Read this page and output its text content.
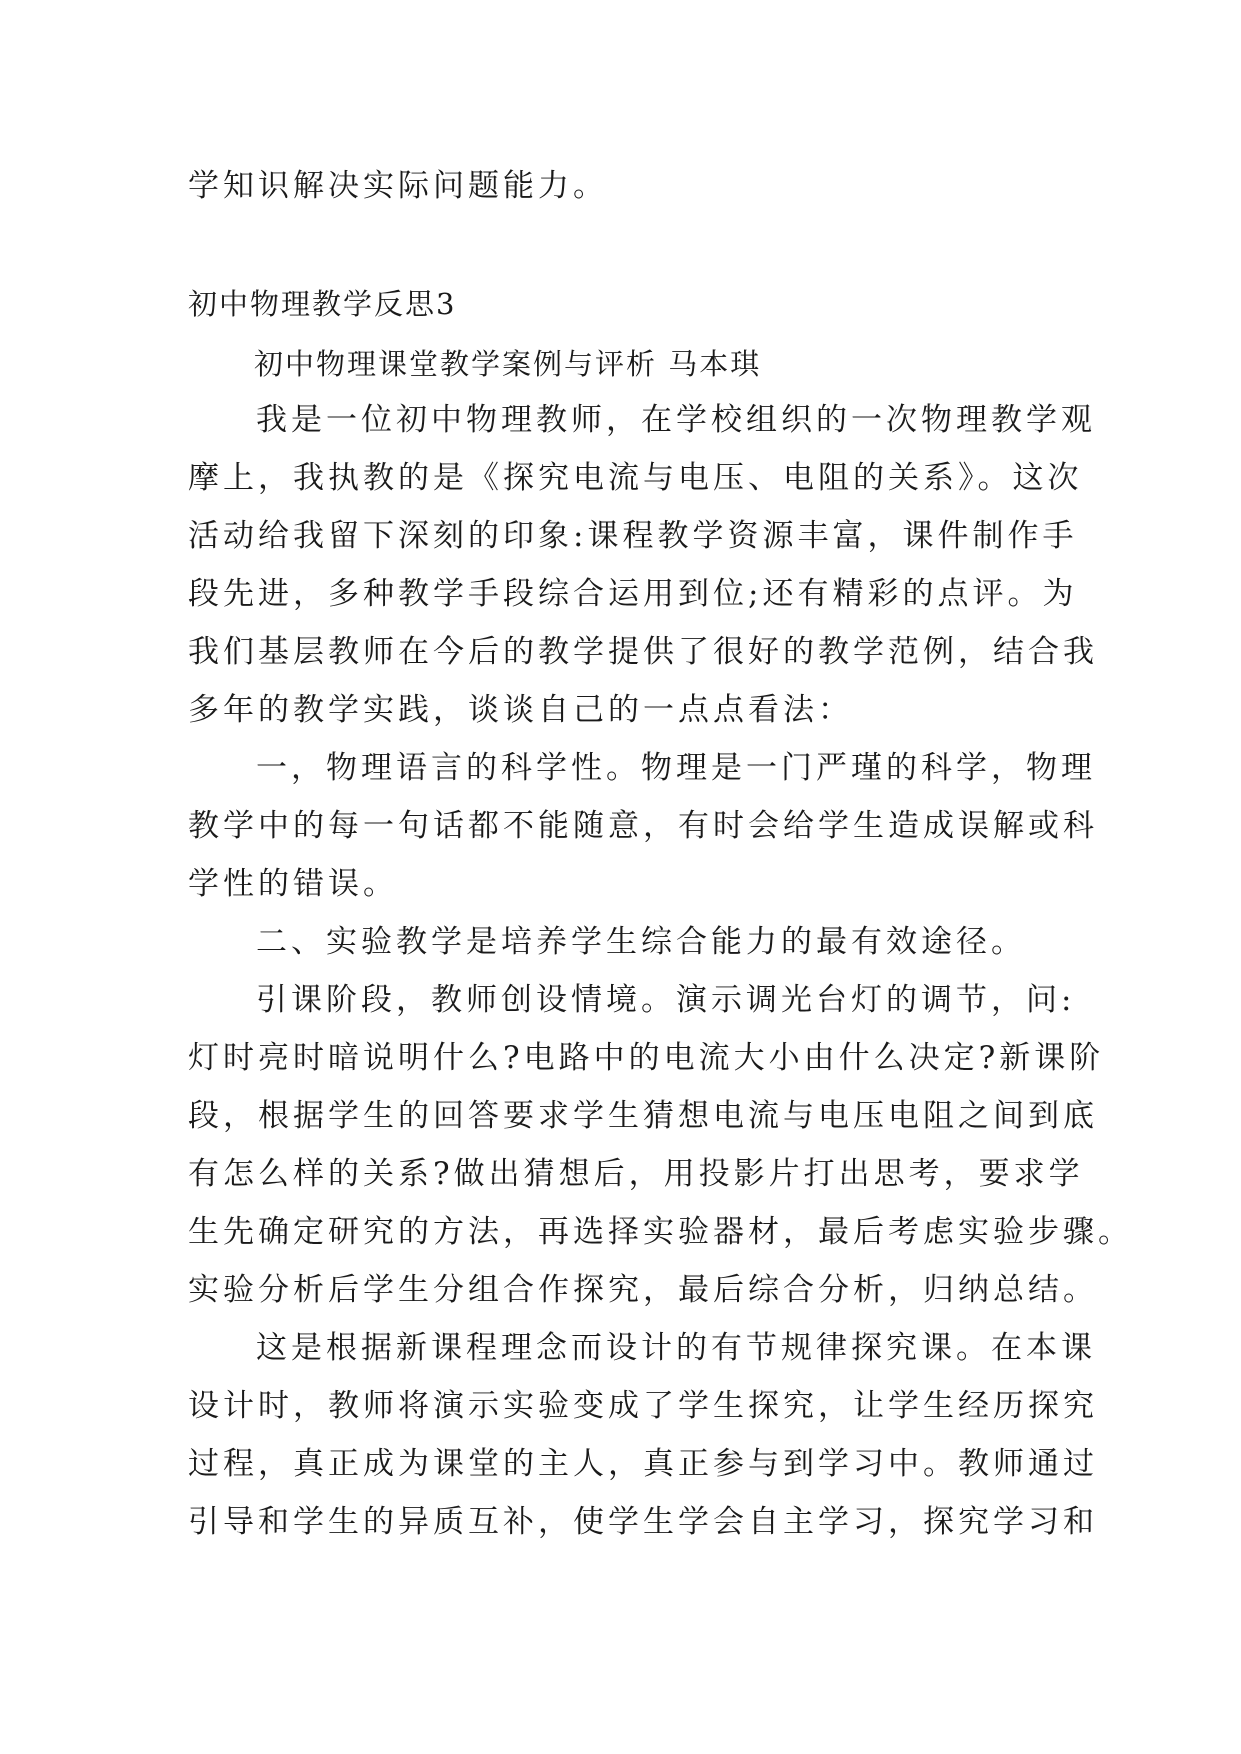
学知识解决实际问题能力。
初中物理教学反思3
初中物理课堂教学案例与评析 马本琪
我是一位初中物理教师，在学校组织的一次物理教学观
摩上，我执教的是《探究电流与电压、电阻的关系》。这次
活动给我留下深刻的印象:课程教学资源丰富，课件制作手
段先进，多种教学手段综合运用到位;还有精彩的点评。为
我们基层教师在今后的教学提供了很好的教学范例，结合我
多年的教学实践，谈谈自己的一点点看法：
一，物理语言的科学性。物理是一门严瑾的科学，物理
教学中的每一句话都不能随意，有时会给学生造成误解或科
学性的错误。
二、实验教学是培养学生综合能力的最有效途径。
引课阶段，教师创设情境。演示调光台灯的调节，问:
灯时亮时暗说明什么?电路中的电流大小由什么决定?新课阶
段，根据学生的回答要求学生猜想电流与电压电阻之间到底
有怎么样的关系?做出猜想后，用投影片打出思考，要求学
生先确定研究的方法，再选择实验器材，最后考虑实验步骤。
实验分析后学生分组合作探究，最后综合分析，归纳总结。
这是根据新课程理念而设计的有节规律探究课。在本课
设计时，教师将演示实验变成了学生探究，让学生经历探究
过程，真正成为课堂的主人，真正参与到学习中。教师通过
引导和学生的异质互补，使学生学会自主学习，探究学习和
